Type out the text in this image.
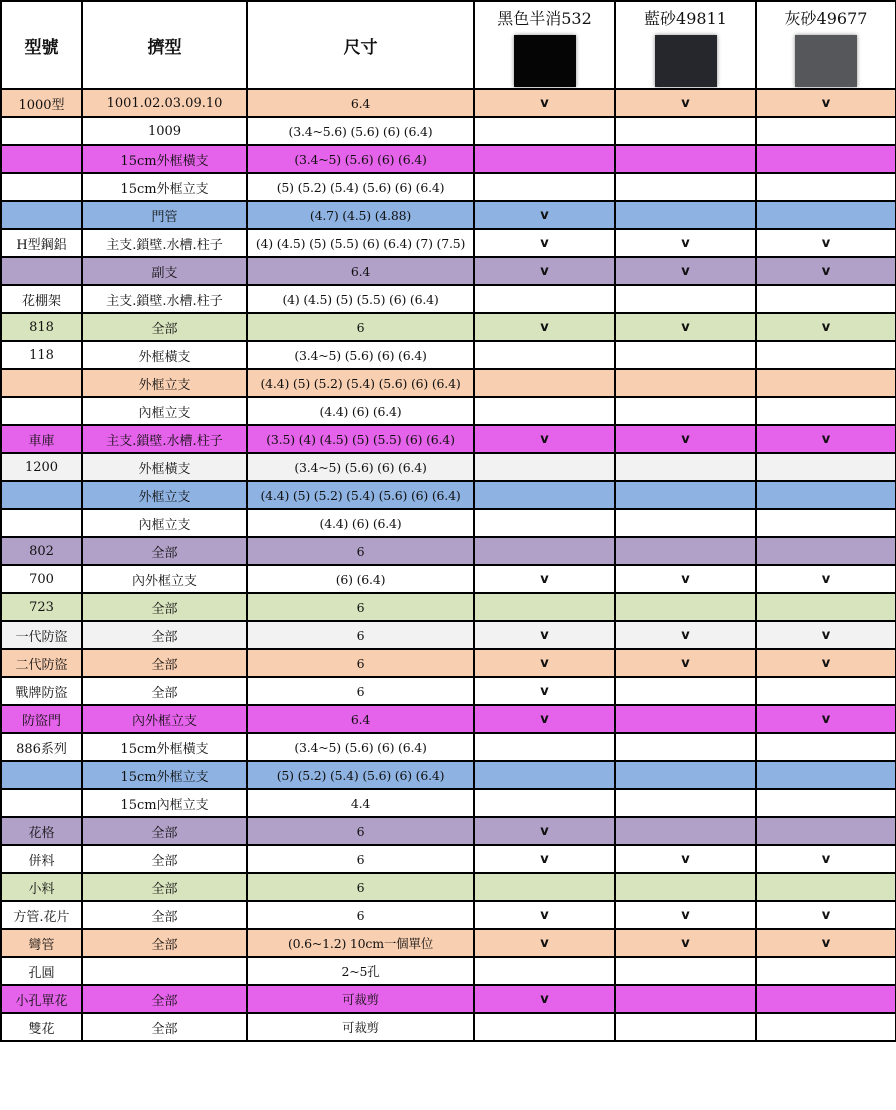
型號	擠型	尺寸	黑色半消532	藍砂49811	灰砂49677

1000型	1001.02.03.09.10	6.4	v	v	v
	1009	(3.4~5.6) (5.6) (6) (6.4)			
	15cm外框橫支	(3.4~5) (5.6) (6) (6.4)			
	15cm外框立支	(5) (5.2) (5.4) (5.6) (6) (6.4)			
	門管	(4.7) (4.5) (4.88)	v		
H型鋼鋁	主支.鎖壁.水槽.柱子	(4) (4.5) (5) (5.5) (6) (6.4) (7) (7.5)	v	v	v
	副支	6.4	v	v	v
花棚架	主支.鎖壁.水槽.柱子	(4) (4.5) (5) (5.5) (6) (6.4)			
818	全部	6	v	v	v
118	外框橫支	(3.4~5) (5.6) (6) (6.4)			
	外框立支	(4.4) (5) (5.2) (5.4) (5.6) (6) (6.4)			
	內框立支	(4.4) (6) (6.4)			
車庫	主支.鎖壁.水槽.柱子	(3.5) (4) (4.5) (5) (5.5) (6) (6.4)	v	v	v
1200	外框橫支	(3.4~5) (5.6) (6) (6.4)			
	外框立支	(4.4) (5) (5.2) (5.4) (5.6) (6) (6.4)			
	內框立支	(4.4) (6) (6.4)			
802	全部	6			
700	內外框立支	(6) (6.4)	v	v	v
723	全部	6			
一代防盜	全部	6	v	v	v
二代防盜	全部	6	v	v	v
戰牌防盜	全部	6	v		
防盜門	內外框立支	6.4	v		v
886系列	15cm外框橫支	(3.4~5) (5.6) (6) (6.4)			
	15cm外框立支	(5) (5.2) (5.4) (5.6) (6) (6.4)			
	15cm內框立支	4.4			
花格	全部	6	v		
併料	全部	6	v	v	v
小料	全部	6			
方管.花片	全部	6	v	v	v
彎管	全部	(0.6~1.2) 10cm一個單位	v	v	v
孔圓		2~5孔			
小孔單花	全部	可裁剪	v		
雙花	全部	可裁剪			
